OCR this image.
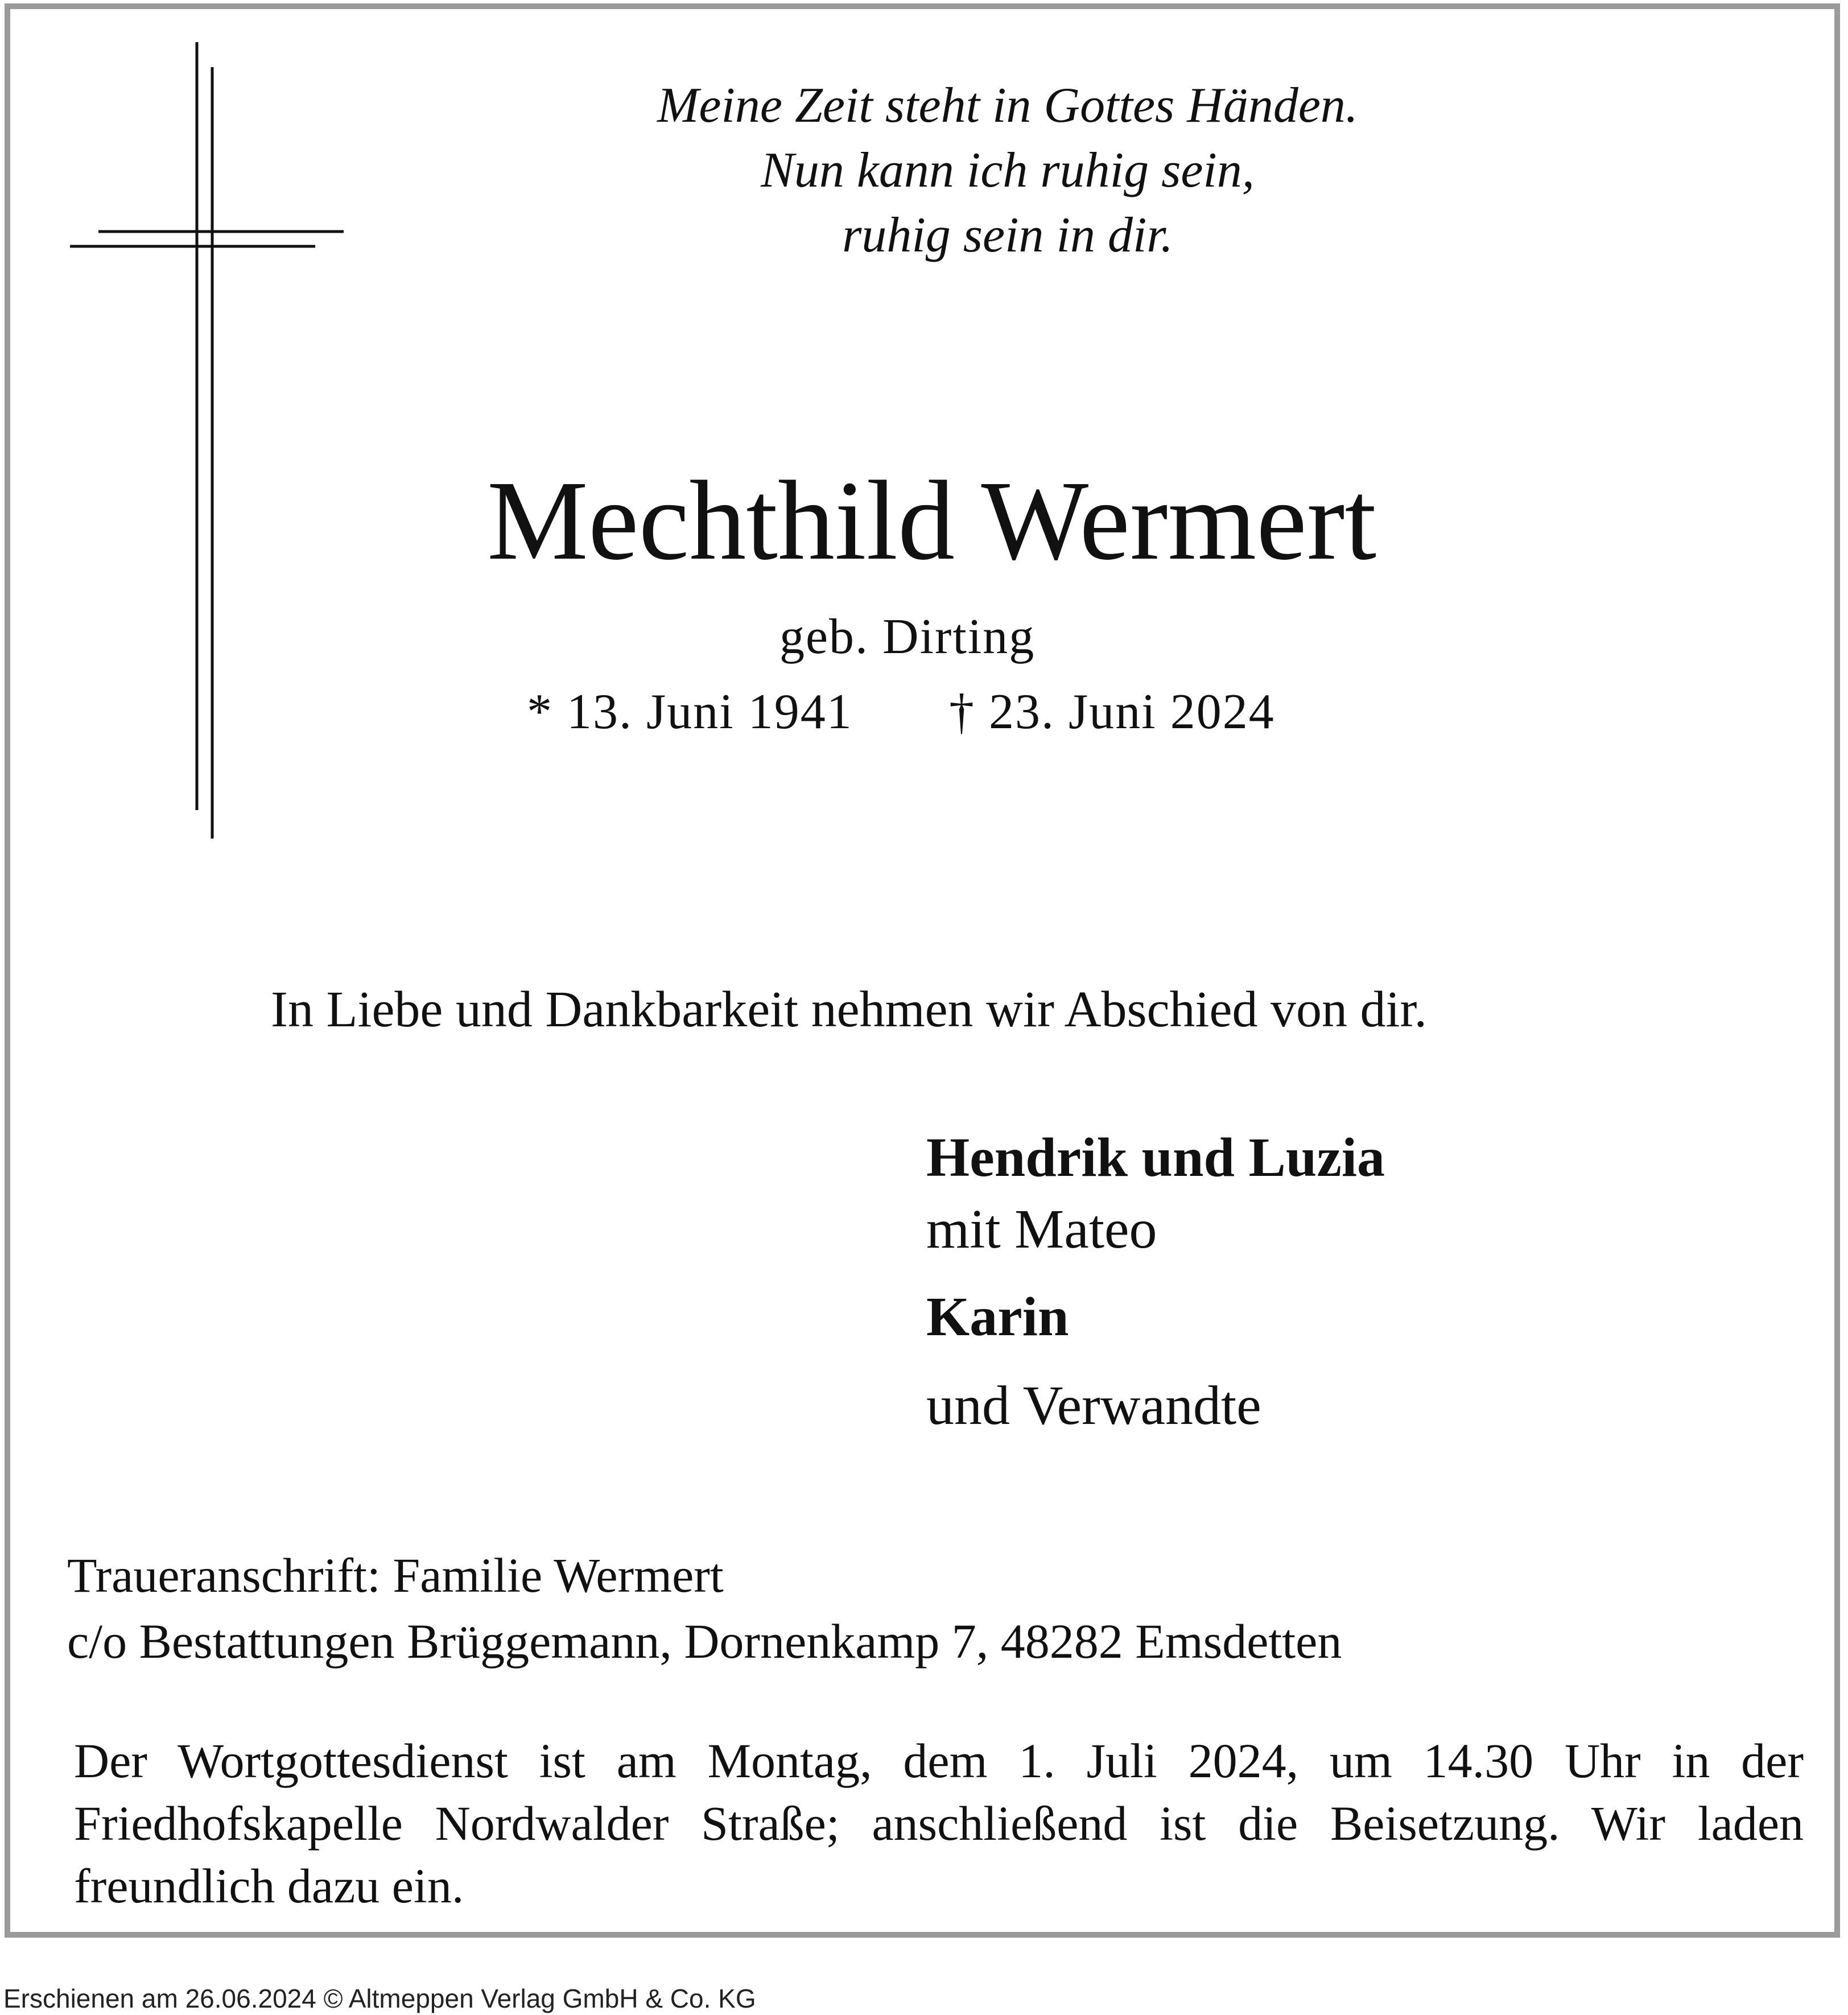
Meine Zeit steht in Gottes Händen.
Nun kann ich ruhig sein,
ruhig sein in dir.
Mechthild Wermert
geb. Dirting
* 13. Juni 1941 † 23. Juni 2024
In Liebe und Dankbarkeit nehmen wir Abschied von dir.
Hendrik und Luzia
mit Mateo
Karin
und Verwandte
Traueranschrift: Familie Wermert
c/o Bestattungen Brüggemann, Dornenkamp 7, 48282 Emsdetten
Der Wortgottesdienst ist am Montag, dem 1. Juli 2024, um 14.30 Uhr in der Friedhofskapelle Nordwalder Straße; anschließend ist die Beisetzung. Wir laden freundlich dazu ein.
Erschienen am 26.06.2024 © Altmeppen Verlag GmbH & Co. KG
